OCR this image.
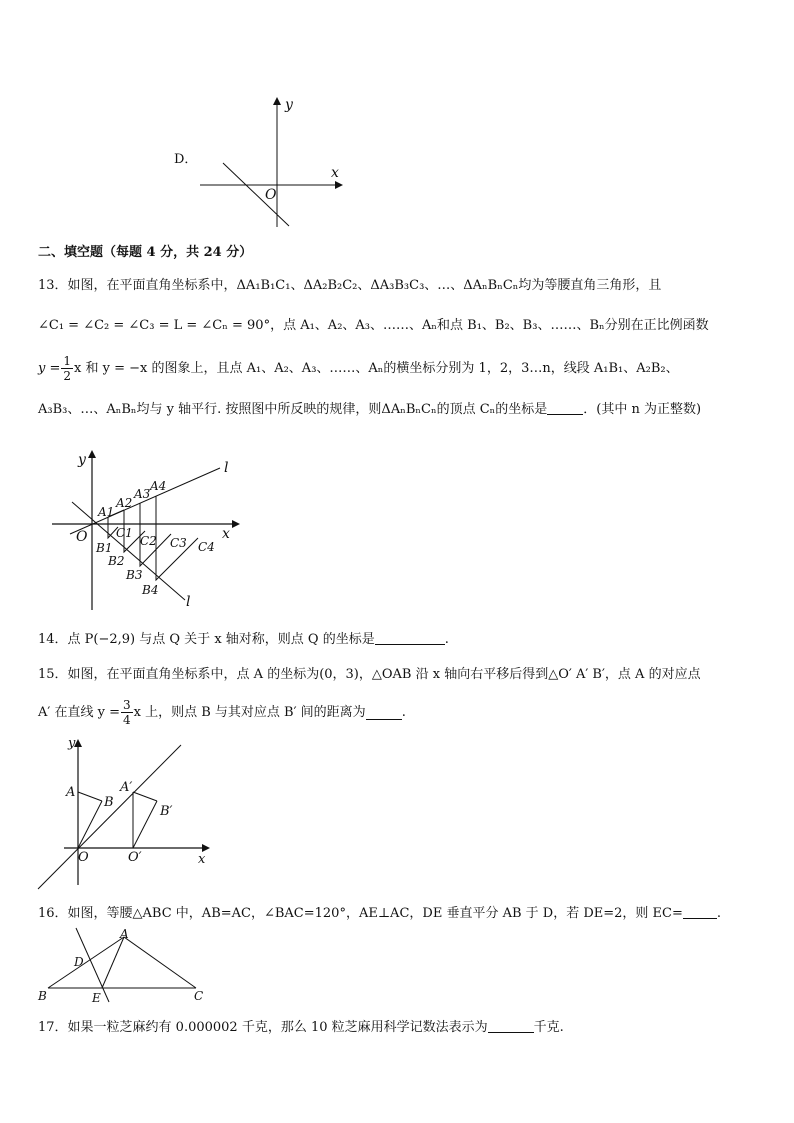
D．
y
x
O
二、填空题（每题 4 分，共 24 分）
13．如图，在平面直角坐标系中，ΔA₁B₁C₁、ΔA₂B₂C₂、ΔA₃B₃C₃、…、ΔAₙBₙCₙ均为等腰直角三角形，且
∠C₁ = ∠C₂ = ∠C₃ = L = ∠Cₙ = 90°，点 A₁、A₂、A₃、……、Aₙ和点 B₁、B₂、B₃、……、Bₙ分别在正比例函数
$y = \frac{1}{2}$ x 和 y = −x 的图象上，且点 A₁、A₂、A₃、……、Aₙ的横坐标分别为 1，2，3…n，线段 A₁B₁、A₂B₂、
A₃B₃、…、AₙBₙ均与 y 轴平行. 按照图中所反映的规律，则ΔAₙBₙCₙ的顶点 Cₙ的坐标是	．(其中 n 为正整数)
y
x
O
l
l
A1
A2
A3
A4
B1
B2
B3
B4
C1
C2 C3 C4
14．点 P(−2,9) 与点 Q 关于 x 轴对称，则点 Q 的坐标是	.
15．如图，在平面直角坐标系中，点 A 的坐标为(0，3)，△OAB 沿 x 轴向右平移后得到△O′ A′ B′，点 A 的对应点
A′ 在直线 $y = \frac{3}{4}$ x 上，则点 B 与其对应点 B′ 间的距离为	.
y
x
O
A
B
A′
B′
O′
16．如图，等腰△ABC 中，AB=AC，∠BAC=120°，AE⊥AC，DE 垂直平分 AB 于 D，若 DE=2，则 EC=	.
A
B	C
D
E
17．如果一粒芝麻约有 0.000002 千克，那么 10 粒芝麻用科学记数法表示为	千克.
